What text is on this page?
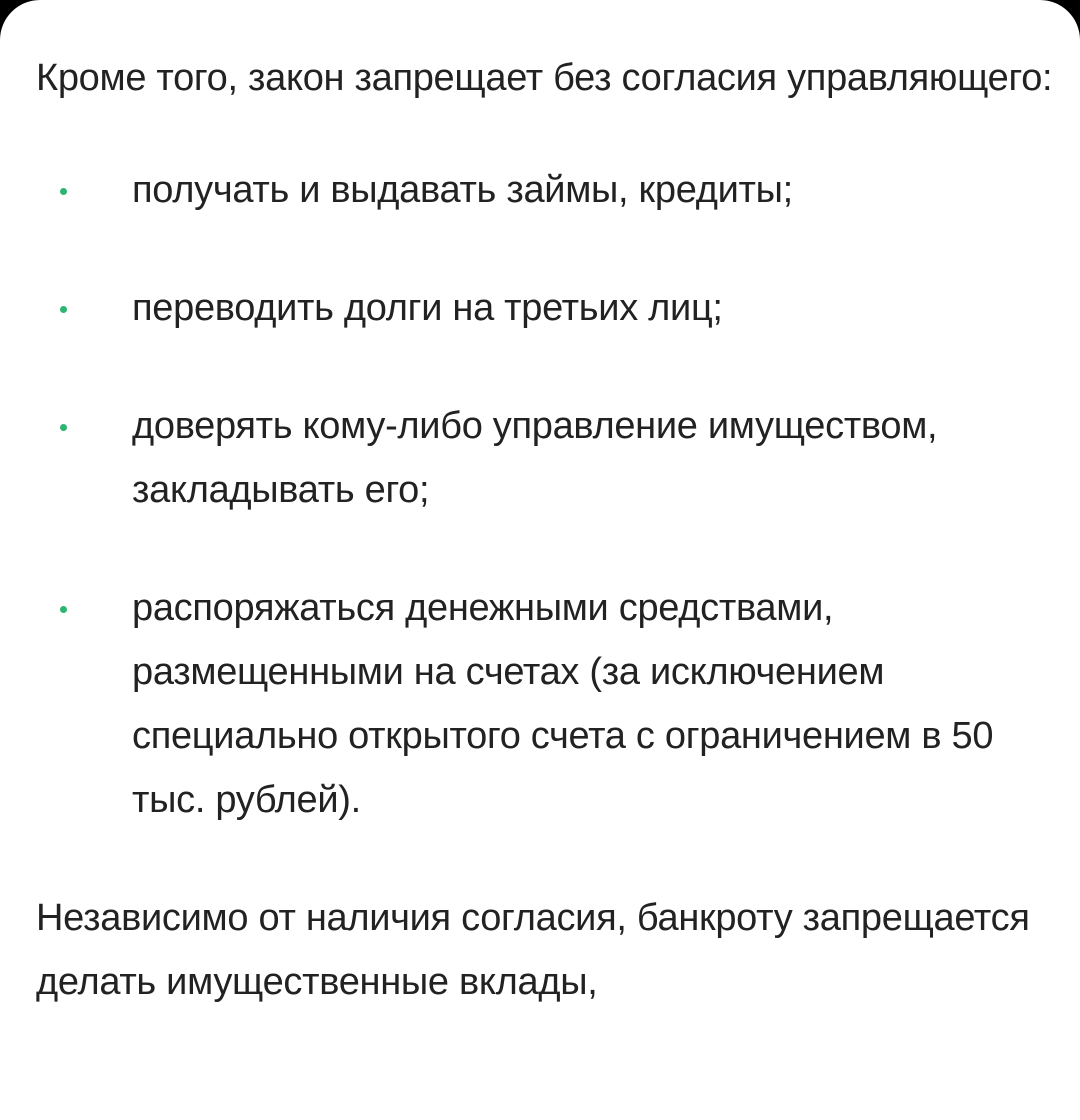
Кроме того, закон запрещает без согласия управляющего:

получать и выдавать займы, кредиты;
переводить долги на третьих лиц;
доверять кому-либо управление имуществом, закладывать его;
распоряжаться денежными средствами, размещенными на счетах (за исключением специально открытого счета с ограничением в 50 тыс. рублей).

Независимо от наличия согласия, банкроту запрещается делать имущественные вклады,
